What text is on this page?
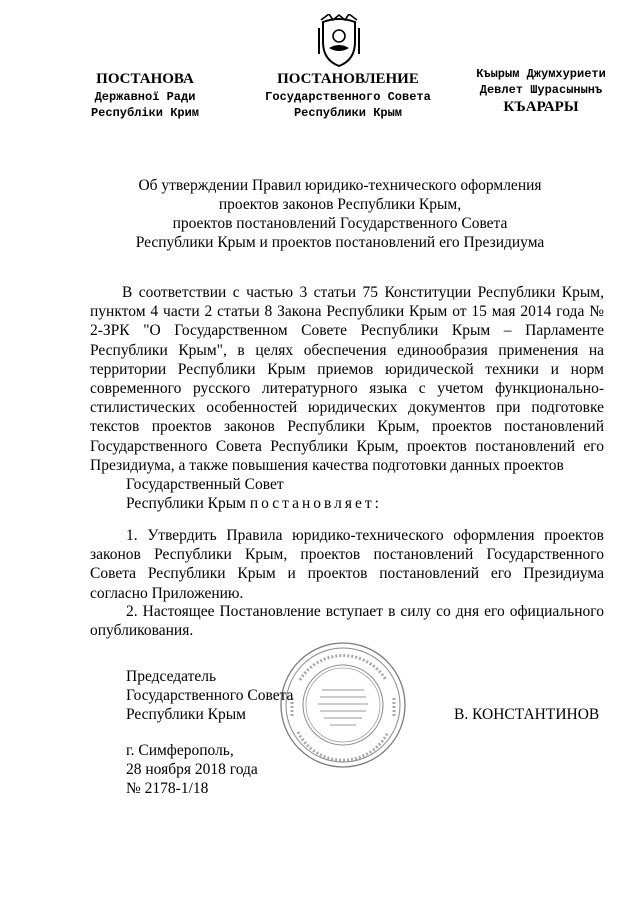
ПОСТАНОВА
Державної Ради
Республіки Крим
ПОСТАНОВЛЕНИЕ
Государственного Совета
Республики Крым
Къырым Джумхуриети
Девлет Шурасынынъ
КЪАРАРЫ
Об утверждении Правил юридико-технического оформления
проектов законов Республики Крым,
проектов постановлений Государственного Совета
Республики Крым и проектов постановлений его Президиума
В соответствии с частью 3 статьи 75 Конституции Республики Крым, пунктом 4 части 2 статьи 8 Закона Республики Крым от 15 мая 2014 года № 2-ЗРК "О Государственном Совете Республики Крым – Парламенте Республики Крым", в целях обеспечения единообразия применения на территории Республики Крым приемов юридической техники и норм современного русского литературного языка с учетом функционально-стилистических особенностей юридических документов при подготовке текстов проектов законов Республики Крым, проектов постановлений Государственного Совета Республики Крым, проектов постановлений его Президиума, а также повышения качества подготовки данных проектов
Государственный Совет
Республики Крым постановляет:
1. Утвердить Правила юридико-технического оформления проектов законов Республики Крым, проектов постановлений Государственного Совета Республики Крым и проектов постановлений его Президиума согласно Приложению.
2. Настоящее Постановление вступает в силу со дня его официального опубликования.
Председатель
Государственного Совета
Республики Крым	В. КОНСТАНТИНОВ
г. Симферополь,
28 ноября 2018 года
№ 2178-1/18
